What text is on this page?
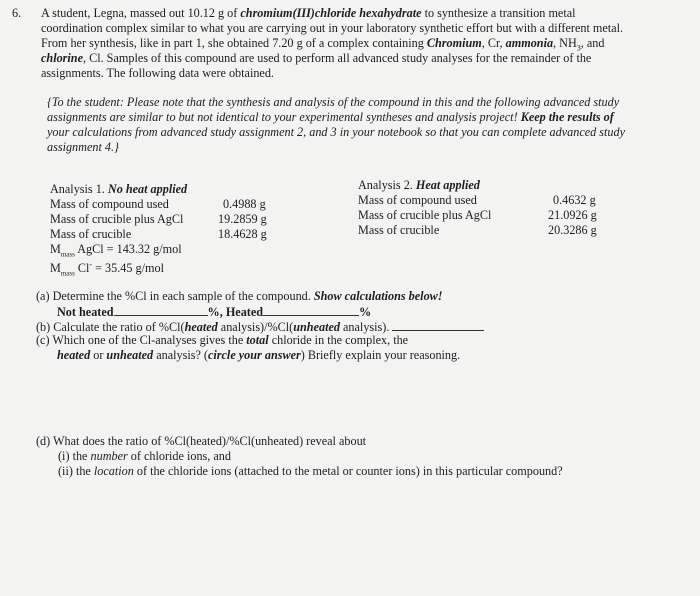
6. A student, Legna, massed out 10.12 g of chromium(III)chloride hexahydrate to synthesize a transition metal
coordination complex similar to what you are carrying out in your laboratory synthetic effort but with a different metal.
From her synthesis, like in part 1, she obtained 7.20 g of a complex containing Chromium, Cr, ammonia, $NH_3$, and
chlorine, Cl. Samples of this compound are used to perform all advanced study analyses for the remainder of the
assignments. The following data were obtained.
{To the student: Please note that the synthesis and analysis of the compound in this and the following advanced study
assignments are similar to but not identical to your experimental syntheses and analysis project! Keep the results of
your calculations from advanced study assignment 2, and 3 in your notebook so that you can complete advanced study
assignment 4.}
Analysis 1. No heat applied
Mass of compound used	0.4988 g
Mass of crucible plus AgCl	19.2859 g
Mass of crucible	18.4628 g
$M_{mass}$ AgCl = 143.32 g/mol
$M_{mass}$ Cl- = 35.45 g/mol
Analysis 2. Heat applied
Mass of compound used	0.4632 g
Mass of crucible plus AgCl	21.0926 g
Mass of crucible	20.3286 g
(a) Determine the %Cl in each sample of the compound. Show calculations below!
Not heated	%, Heated	%
(b) Calculate the ratio of %Cl(heated analysis)/%Cl(unheated analysis).
(c) Which one of the Cl-analyses gives the total chloride in the complex, the
heated or unheated analysis? (circle your answer) Briefly explain your reasoning.
(d) What does the ratio of %Cl(heated)/%Cl(unheated) reveal about
(i) the number of chloride ions, and
(ii) the location of the chloride ions (attached to the metal or counter ions) in this particular compound?
